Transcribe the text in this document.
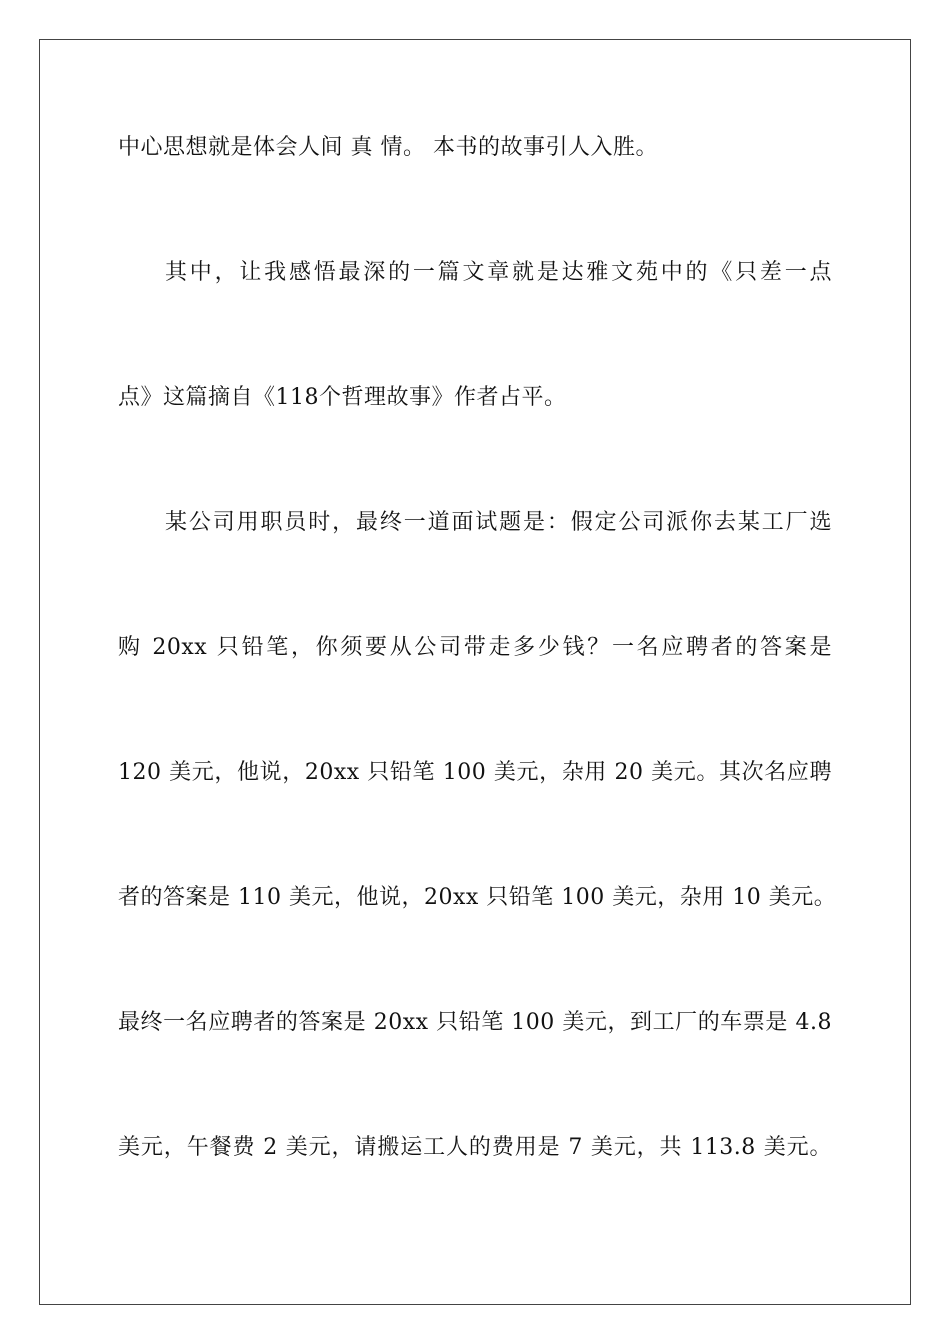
中心思想就是体会人间 真 情。 本书的故事引人入胜。
其中，让我感悟最深的一篇文章就是达雅文苑中的《只差一点
点》这篇摘自《118个哲理故事》作者占平。
某公司用职员时，最终一道面试题是：假定公司派你去某工厂选
购 20xx 只铅笔，你须要从公司带走多少钱？一名应聘者的答案是
120 美元，他说，20xx 只铅笔 100 美元，杂用 20 美元。其次名应聘
者的答案是 110 美元，他说，20xx 只铅笔 100 美元，杂用 10 美元。
最终一名应聘者的答案是 20xx 只铅笔 100 美元，到工厂的车票是 4.8
美元，午餐费 2 美元，请搬运工人的费用是 7 美元，共 113.8 美元。
